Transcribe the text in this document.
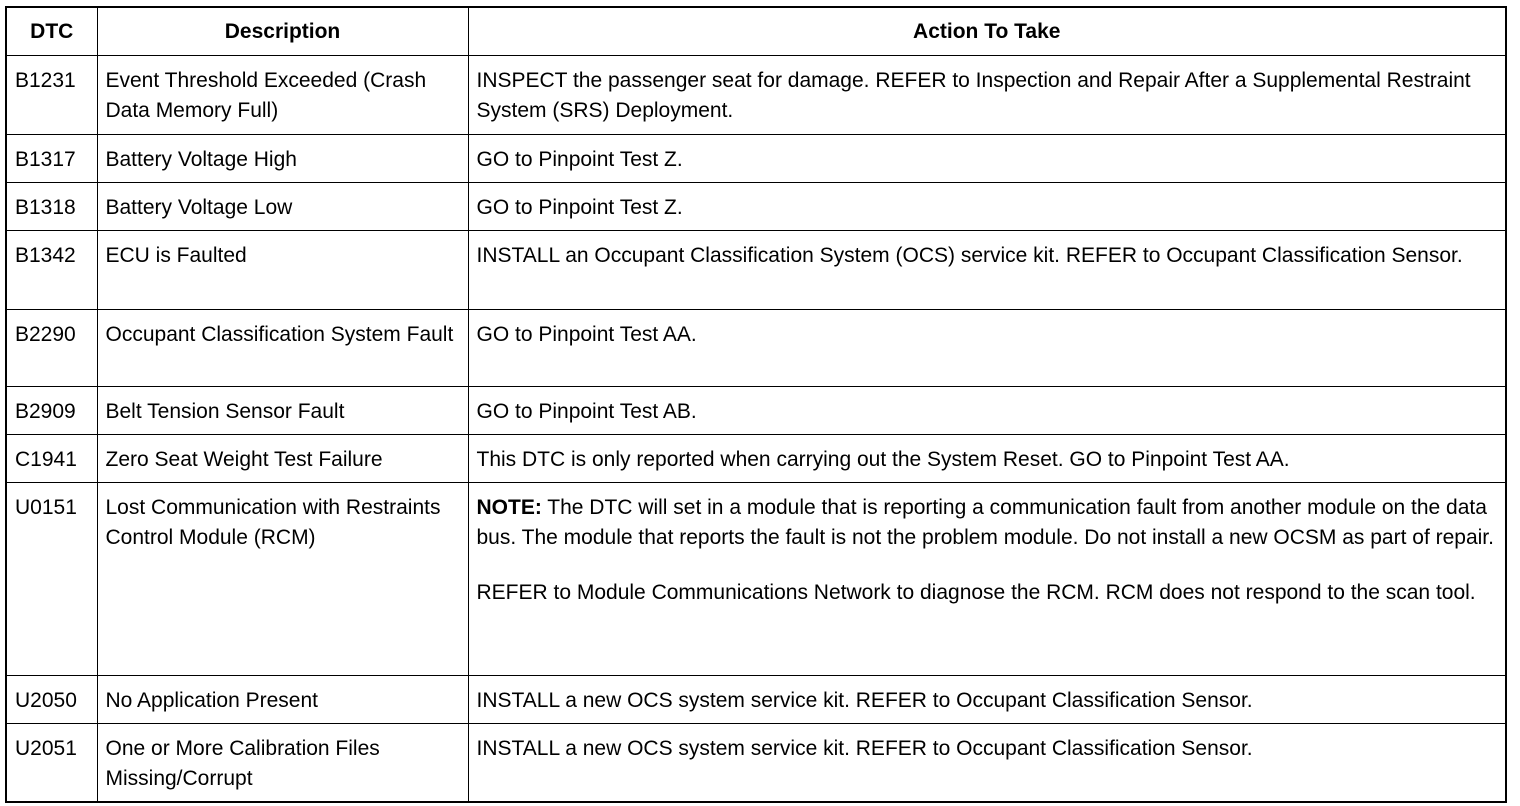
DTC	Description	Action To Take
B1231	Event Threshold Exceeded (Crash Data Memory Full)	INSPECT the passenger seat for damage. REFER to Inspection and Repair After a Supplemental Restraint System (SRS) Deployment.
B1317	Battery Voltage High	GO to Pinpoint Test Z.
B1318	Battery Voltage Low	GO to Pinpoint Test Z.
B1342	ECU is Faulted	INSTALL an Occupant Classification System (OCS) service kit. REFER to Occupant Classification Sensor.
B2290	Occupant Classification System Fault	GO to Pinpoint Test AA.
B2909	Belt Tension Sensor Fault	GO to Pinpoint Test AB.
C1941	Zero Seat Weight Test Failure	This DTC is only reported when carrying out the System Reset. GO to Pinpoint Test AA.
U0151	Lost Communication with Restraints Control Module (RCM)	NOTE: The DTC will set in a module that is reporting a communication fault from another module on the data bus. The module that reports the fault is not the problem module. Do not install a new OCSM as part of repair.
REFER to Module Communications Network to diagnose the RCM. RCM does not respond to the scan tool.
U2050	No Application Present	INSTALL a new OCS system service kit. REFER to Occupant Classification Sensor.
U2051	One or More Calibration Files Missing/Corrupt	INSTALL a new OCS system service kit. REFER to Occupant Classification Sensor.
